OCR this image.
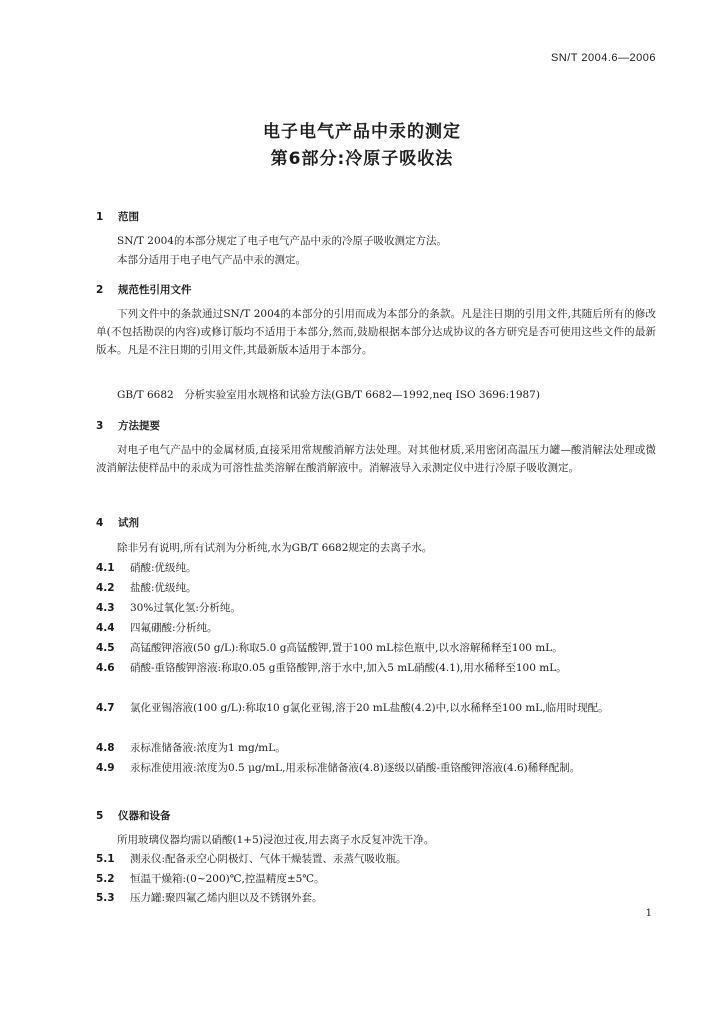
SN/T 2004.6—2006
电子电气产品中汞的测定
第6部分:冷原子吸收法
1 范围
SN/T 2004的本部分规定了电子电气产品中汞的冷原子吸收测定方法。
本部分适用于电子电气产品中汞的测定。
2 规范性引用文件
下列文件中的条款通过SN/T 2004的本部分的引用而成为本部分的条款。凡是注日期的引用文件,其随后所有的修改单(不包括勘误的内容)或修订版均不适用于本部分,然而,鼓励根据本部分达成协议的各方研究是否可使用这些文件的最新版本。凡是不注日期的引用文件,其最新版本适用于本部分。
GB/T 6682　分析实验室用水规格和试验方法(GB/T 6682—1992,neq ISO 3696:1987)
3 方法提要
对电子电气产品中的金属材质,直接采用常规酸消解方法处理。对其他材质,采用密闭高温压力罐—酸消解法处理或微波消解法使样品中的汞成为可溶性盐类溶解在酸消解液中。消解液导入汞测定仪中进行冷原子吸收测定。
4 试剂
除非另有说明,所有试剂为分析纯,水为GB/T 6682规定的去离子水。
4.1 硝酸:优级纯。
4.2 盐酸:优级纯。
4.3 30%过氧化氢:分析纯。
4.4 四氟硼酸:分析纯。
4.5 高锰酸钾溶液(50 g/L):称取5.0 g高锰酸钾,置于100 mL棕色瓶中,以水溶解稀释至100 mL。
4.6 硝酸-重铬酸钾溶液:称取0.05 g重铬酸钾,溶于水中,加入5 mL硝酸(4.1),用水稀释至100 mL。
4.7 氯化亚锡溶液(100 g/L):称取10 g氯化亚锡,溶于20 mL盐酸(4.2)中,以水稀释至100 mL,临用时现配。
4.8 汞标准储备液:浓度为1 mg/mL。
4.9 汞标准使用液:浓度为0.5 μg/mL,用汞标准储备液(4.8)逐级以硝酸-重铬酸钾溶液(4.6)稀释配制。
5 仪器和设备
所用玻璃仪器均需以硝酸(1+5)浸泡过夜,用去离子水反复冲洗干净。
5.1 测汞仪:配备汞空心阴极灯、气体干燥装置、汞蒸气吸收瓶。
5.2 恒温干燥箱:(0~200)℃,控温精度±5℃。
5.3 压力罐:聚四氟乙烯内胆以及不锈钢外套。
1
